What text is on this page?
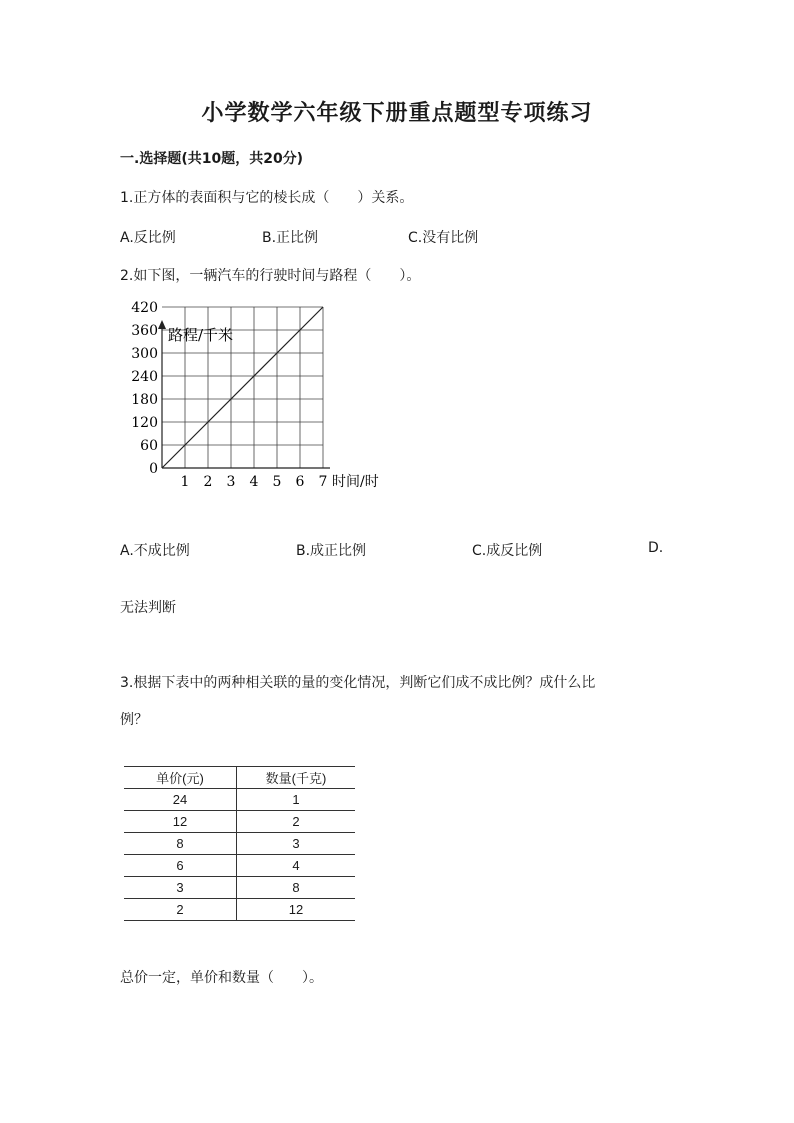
小学数学六年级下册重点题型专项练习
一.选择题(共10题，共20分)
1.正方体的表面积与它的棱长成（　　）关系。
A.反比例	B.正比例	C.没有比例
2.如下图，一辆汽车的行驶时间与路程（　　）。
路程/千米
时间/时
0
60
120
180
240
300
360
420
1 2 3 4 5 6 7
A.不成比例	B.成正比例	C.成反比例	D.
无法判断
3.根据下表中的两种相关联的量的变化情况，判断它们成不成比例？成什么比
例？
单价(元)	数量(千克)
24	1
12	2
8	3
6	4
3	8
2	12
总价一定，单价和数量（　　）。
